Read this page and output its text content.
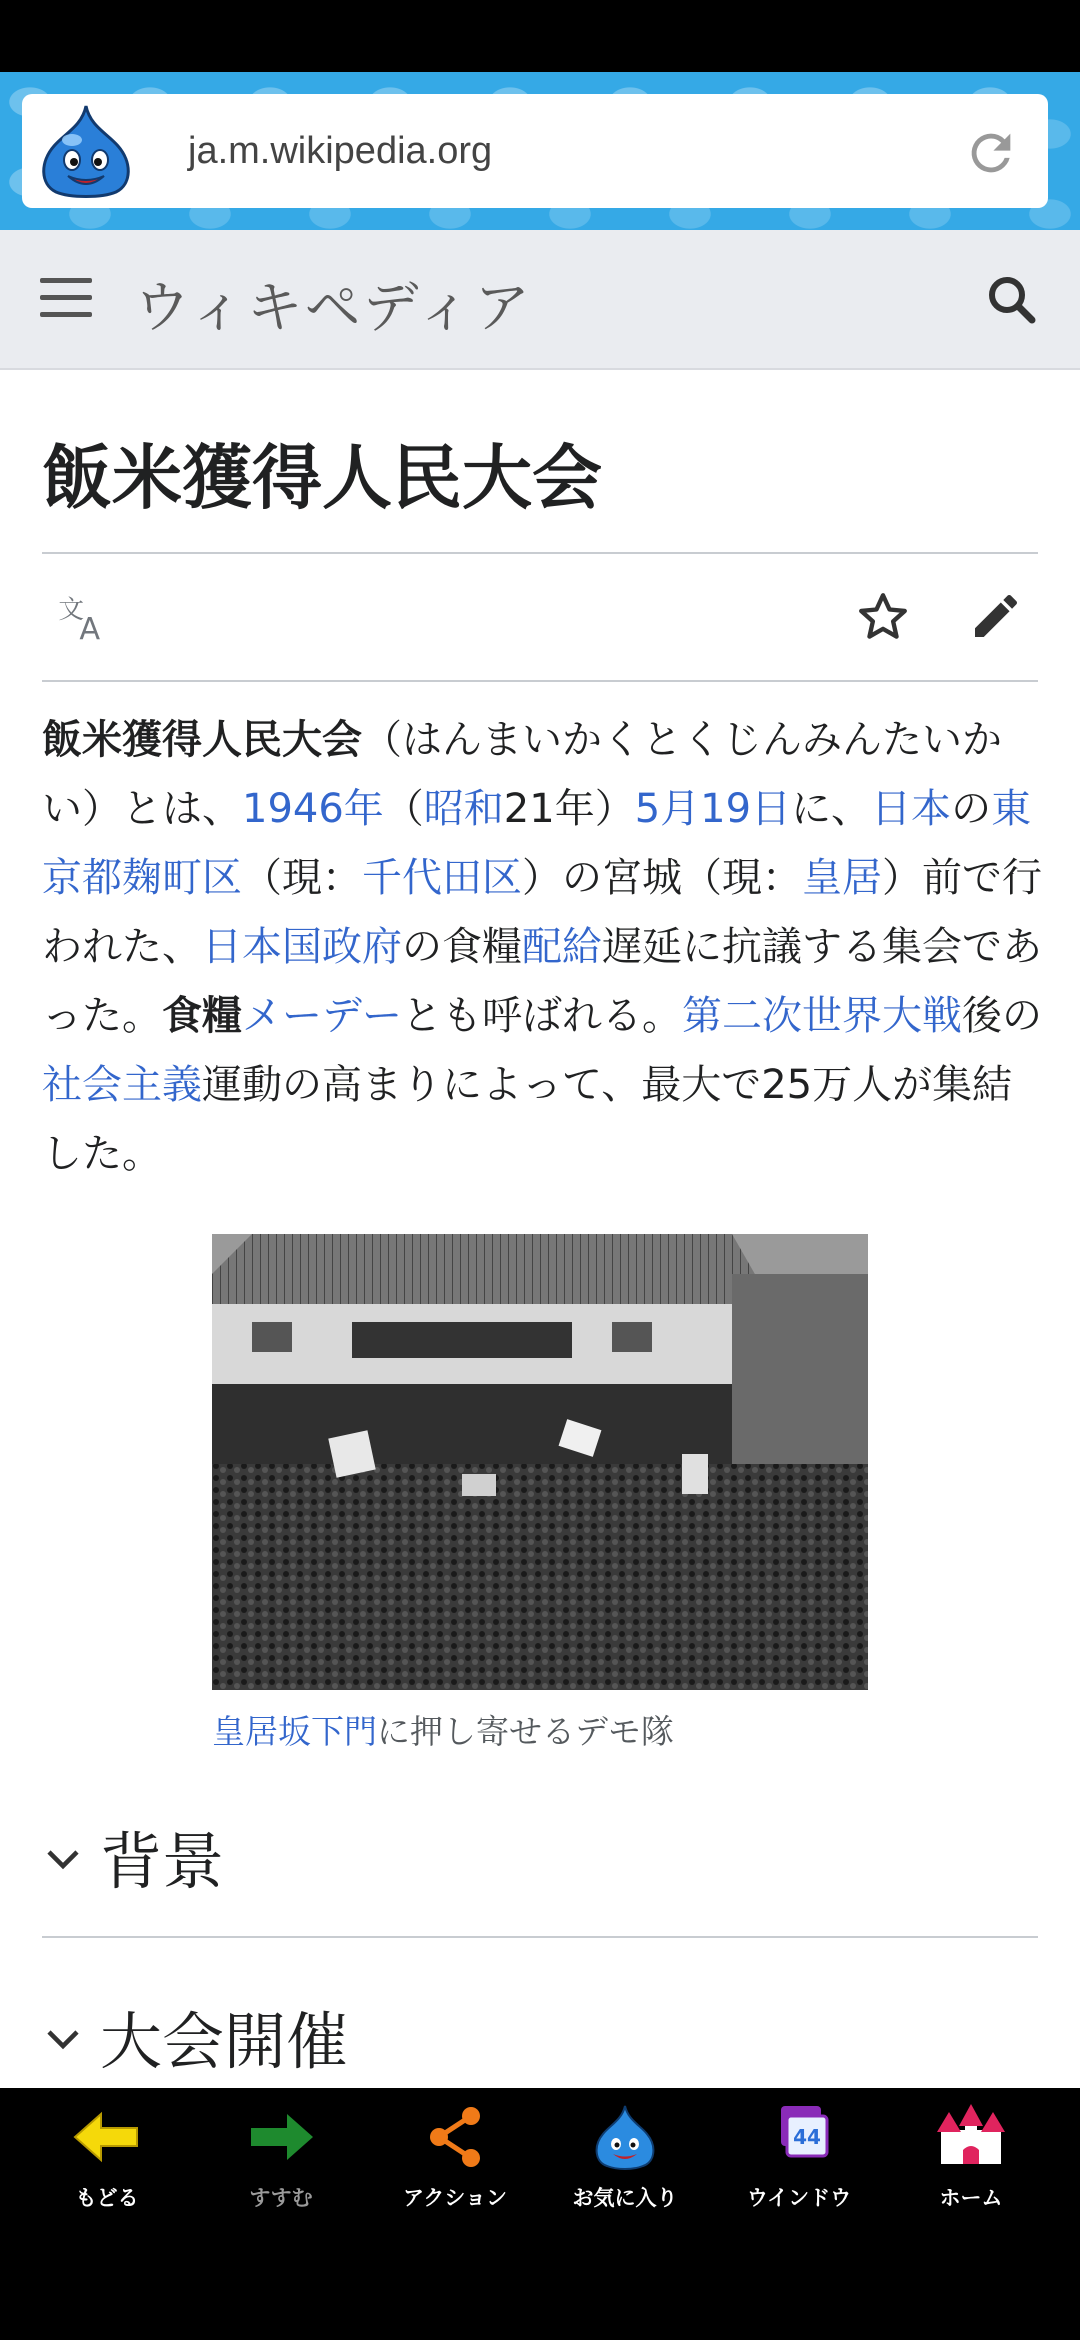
ja.m.wikipedia.org
ウィキペディア
飯米獲得人民大会
文
A

飯米獲得人民大会（はんまいかくとくじんみんたいかい）とは、1946年（昭和21年）5月19日に、日本の東京都麹町区（現：千代田区）の宮城（現：皇居）前で行われた、日本国政府の食糧配給遅延に抗議する集会であった。食糧メーデーとも呼ばれる。第二次世界大戦後の社会主義運動の高まりによって、最大で25万人が集結した。

皇居坂下門に押し寄せるデモ隊
背景
大会開催
もどる	すすむ	アクション	お気に入り
44
ウインドウ	ホーム
